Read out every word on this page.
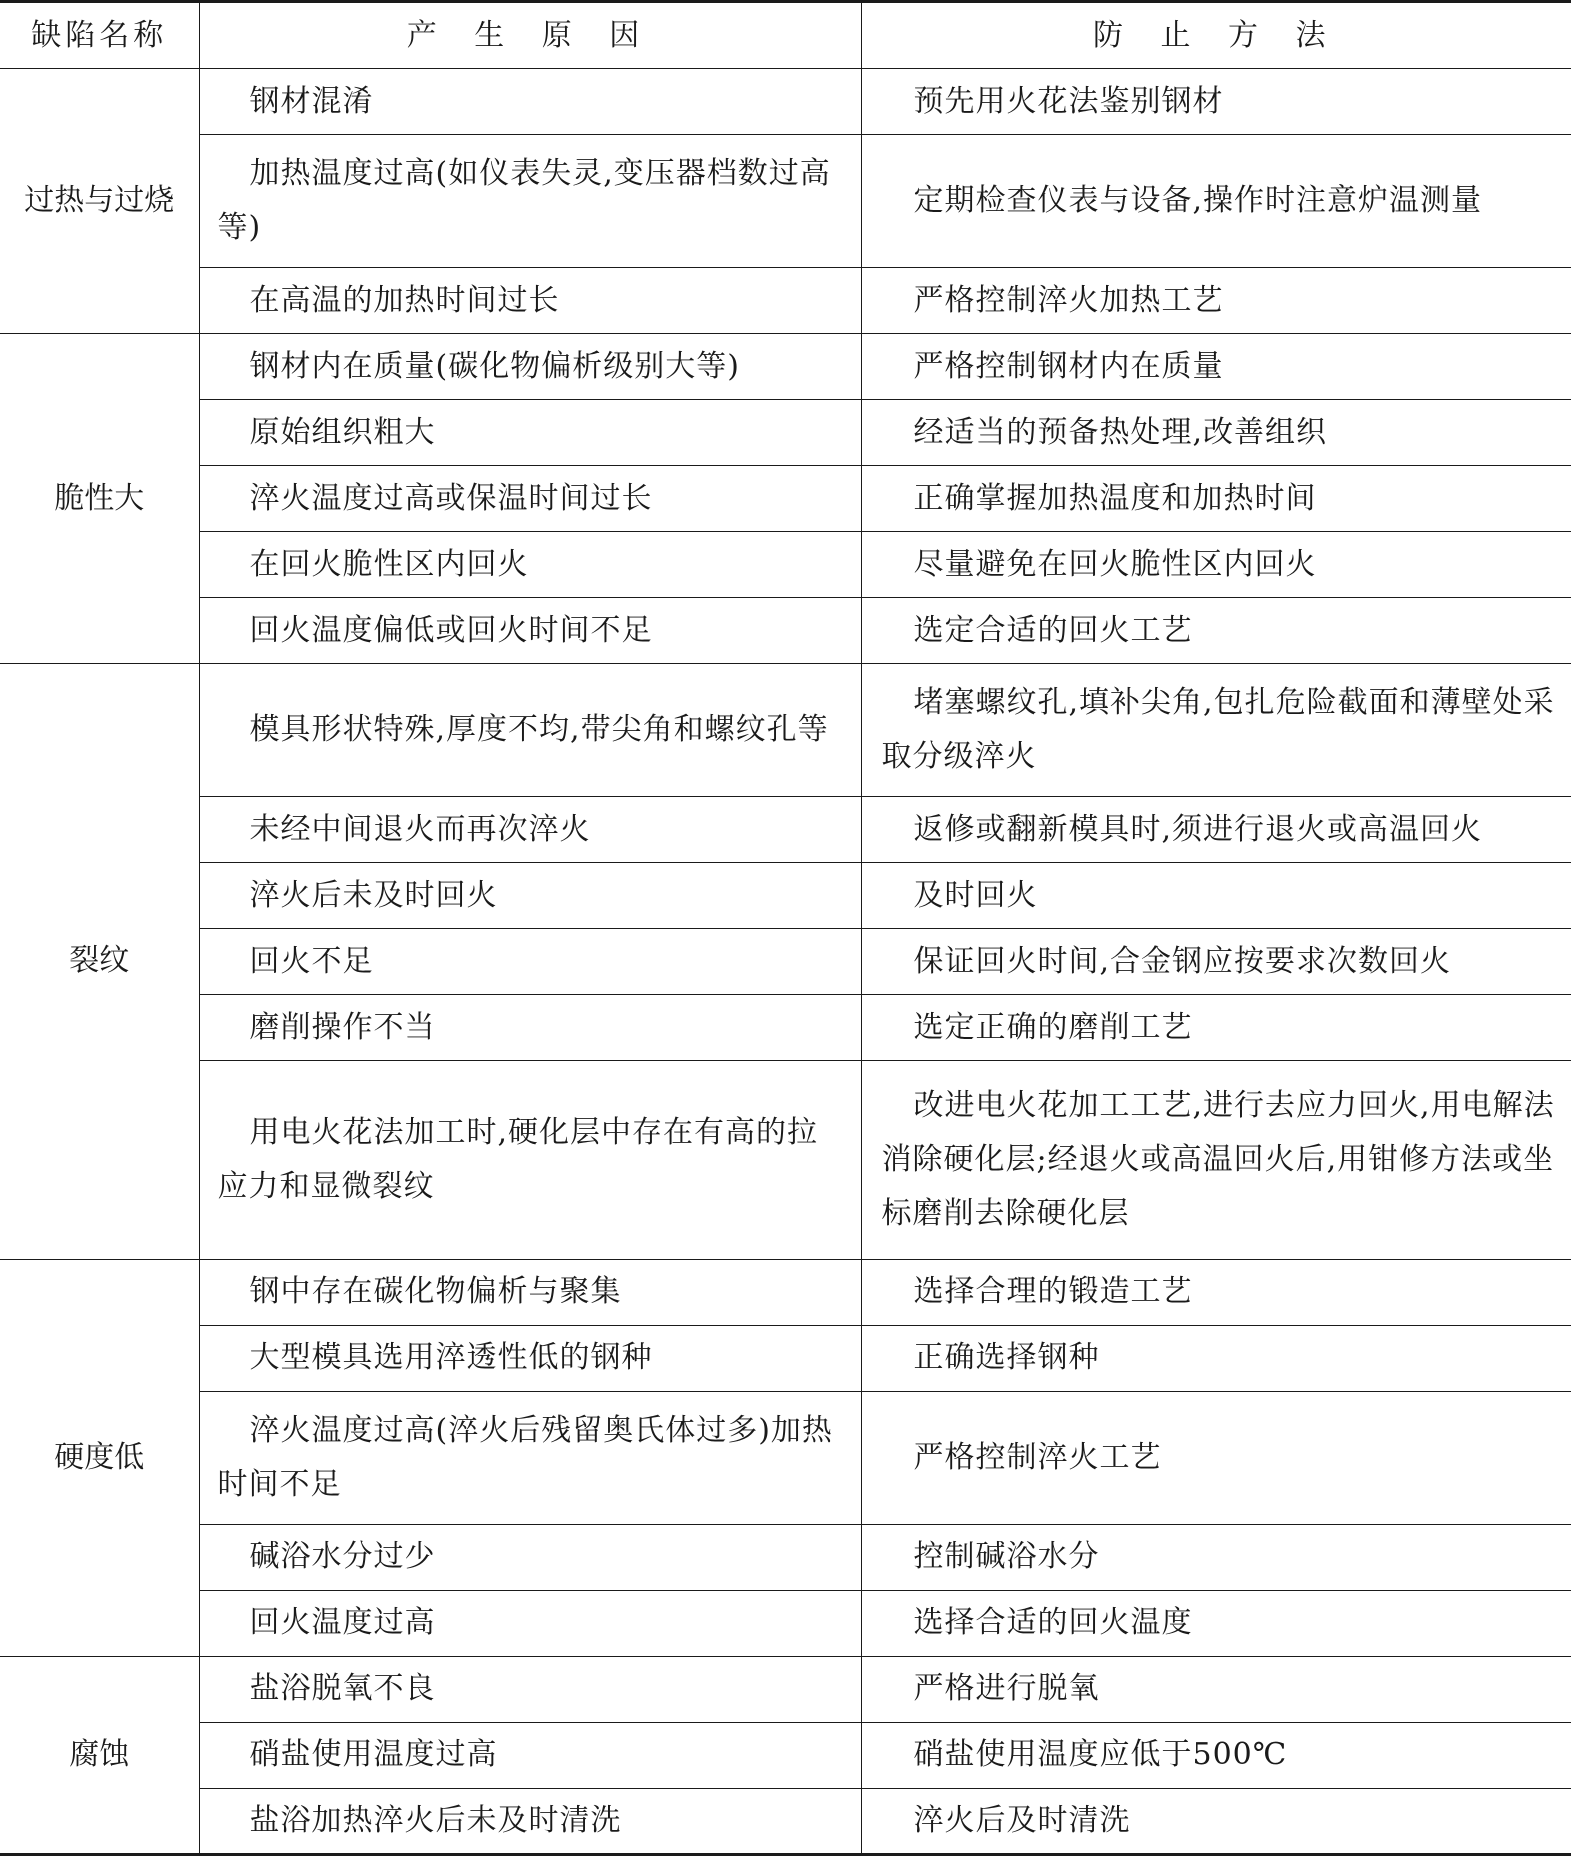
缺陷名称	产 生 原 因	防 止 方 法
过热与过烧	钢材混淆	预先用火花法鉴别钢材
	加热温度过高(如仪表失灵,变压器档数过高等)	定期检查仪表与设备,操作时注意炉温测量
	在高温的加热时间过长	严格控制淬火加热工艺
脆性大	钢材内在质量(碳化物偏析级别大等)	严格控制钢材内在质量
	原始组织粗大	经适当的预备热处理,改善组织
	淬火温度过高或保温时间过长	正确掌握加热温度和加热时间
	在回火脆性区内回火	尽量避免在回火脆性区内回火
	回火温度偏低或回火时间不足	选定合适的回火工艺
裂纹	模具形状特殊,厚度不均,带尖角和螺纹孔等	堵塞螺纹孔,填补尖角,包扎危险截面和薄壁处采取分级淬火
	未经中间退火而再次淬火	返修或翻新模具时,须进行退火或高温回火
	淬火后未及时回火	及时回火
	回火不足	保证回火时间,合金钢应按要求次数回火
	磨削操作不当	选定正确的磨削工艺
	用电火花法加工时,硬化层中存在有高的拉应力和显微裂纹	改进电火花加工工艺,进行去应力回火,用电解法消除硬化层;经退火或高温回火后,用钳修方法或坐标磨削去除硬化层
硬度低	钢中存在碳化物偏析与聚集	选择合理的锻造工艺
	大型模具选用淬透性低的钢种	正确选择钢种
	淬火温度过高(淬火后残留奥氏体过多)加热时间不足	严格控制淬火工艺
	碱浴水分过少	控制碱浴水分
	回火温度过高	选择合适的回火温度
腐蚀	盐浴脱氧不良	严格进行脱氧
	硝盐使用温度过高	硝盐使用温度应低于500℃
	盐浴加热淬火后未及时清洗	淬火后及时清洗
